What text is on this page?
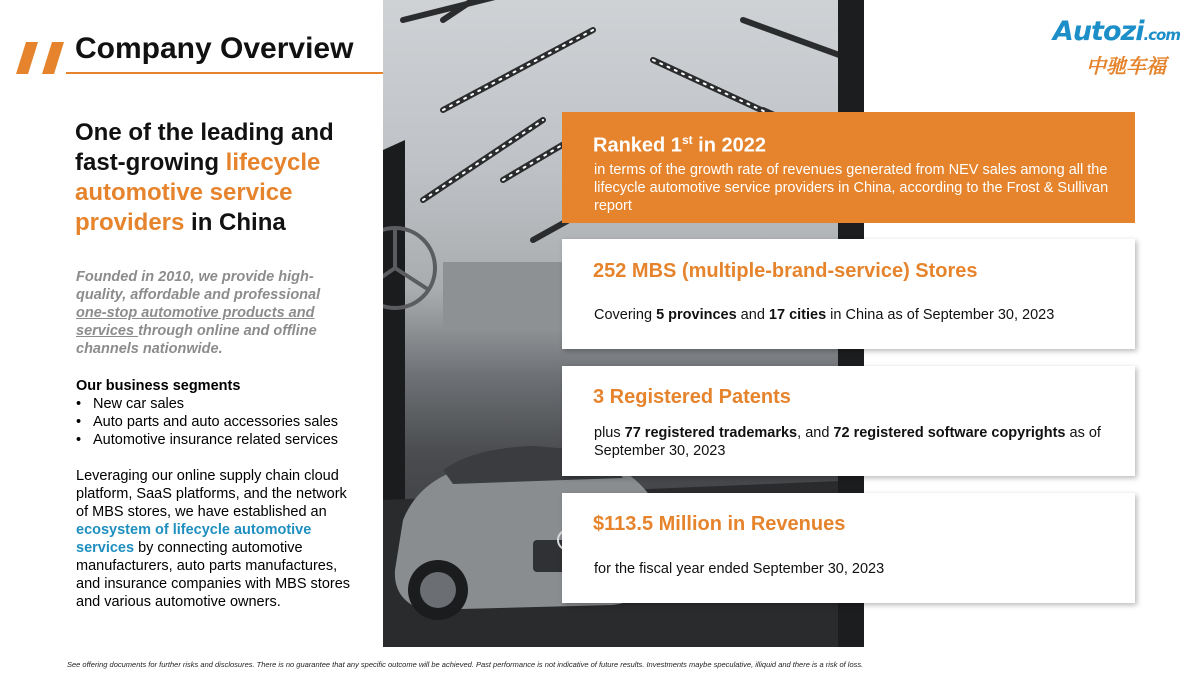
Company Overview
Autozi.com
中驰车福
One of the leading and fast-growing lifecycle automotive service providers in China

Founded in 2010, we provide high-quality, affordable and professional one-stop automotive products and services through online and offline channels nationwide.

Our business segments

• New car sales
• Auto parts and auto accessories sales
• Automotive insurance related services

Leveraging our online supply chain cloud platform, SaaS platforms, and the network of MBS stores, we have established an ecosystem of lifecycle automotive services by connecting automotive manufacturers, auto parts manufactures, and insurance companies with MBS stores and various automotive owners.

Ranked 1st in 2022

in terms of the growth rate of revenues generated from NEV sales among all the lifecycle automotive service providers in China, according to the Frost & Sullivan report

252 MBS (multiple-brand-service) Stores

Covering 5 provinces and 17 cities in China as of September 30, 2023

3 Registered Patents

plus 77 registered trademarks, and 72 registered software copyrights as of September 30, 2023

$113.5 Million in Revenues

for the fiscal year ended September 30, 2023

See offering documents for further risks and disclosures. There is no guarantee that any specific outcome will be achieved. Past performance is not indicative of future results. Investments maybe speculative, illiquid and there is a risk of loss.
